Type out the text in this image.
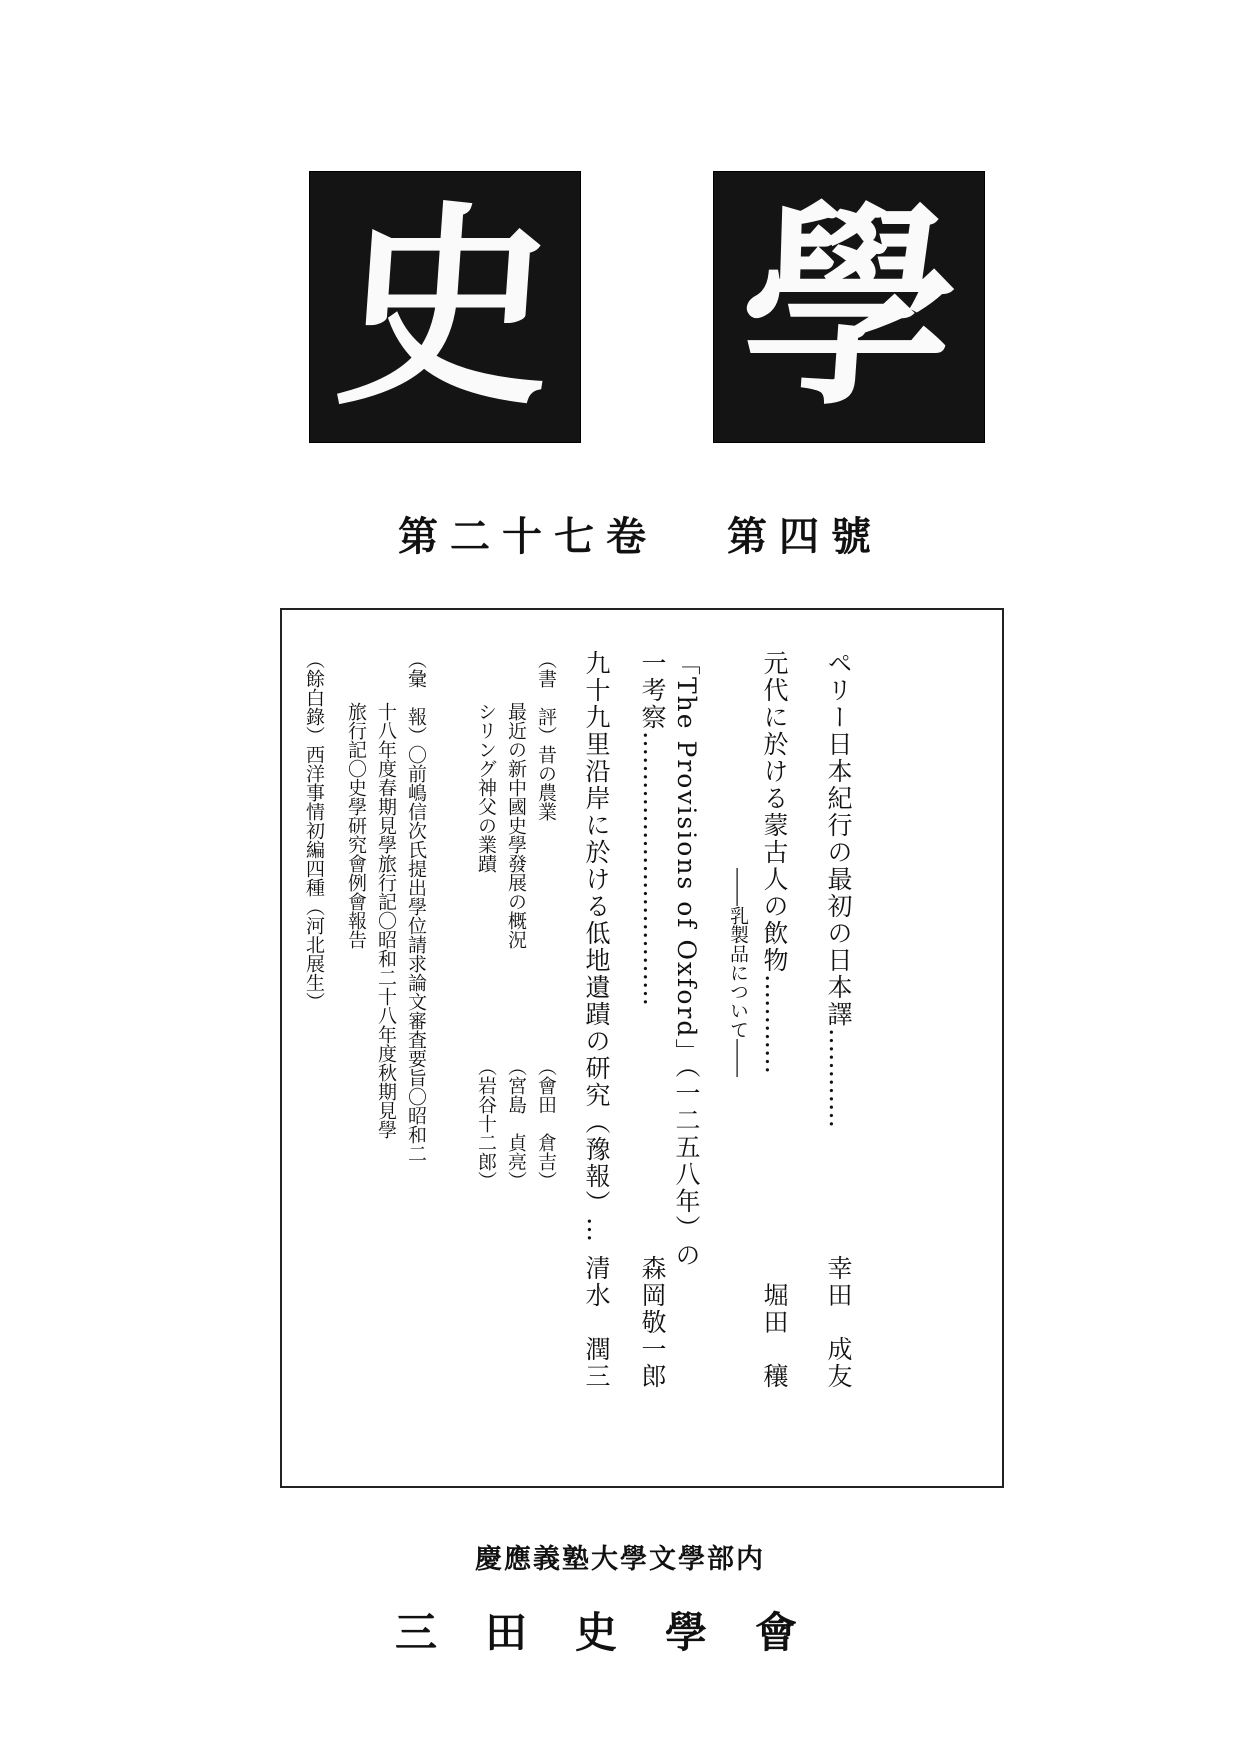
史 學
第二十七卷 第四號
ペリー日本紀行の最初の日本譯…………
幸田　成友
元代に於ける蒙古人の飲物…………
堀田　穰
――乳製品について――
「The Provisions of Oxford」（一二五八年）の
一考察……………………………
森岡敬一郎
九十九里沿岸に於ける低地遺蹟の研究（豫報）…
清水　潤三
（書　評）昔の農業
（會田　倉吉）
最近の新中國史學發展の概況
（宮島　貞亮）
シリング神父の業蹟
（岩谷十二郎）
（彙　報）〇前嶋信次氏提出學位請求論文審査要旨〇昭和二
十八年度春期見學旅行記〇昭和二十八年度秋期見學
旅行記〇史學研究會例會報告
（餘白錄）西洋事情初編四種（河北展生）
慶應義塾大學文學部内
三田史學會
